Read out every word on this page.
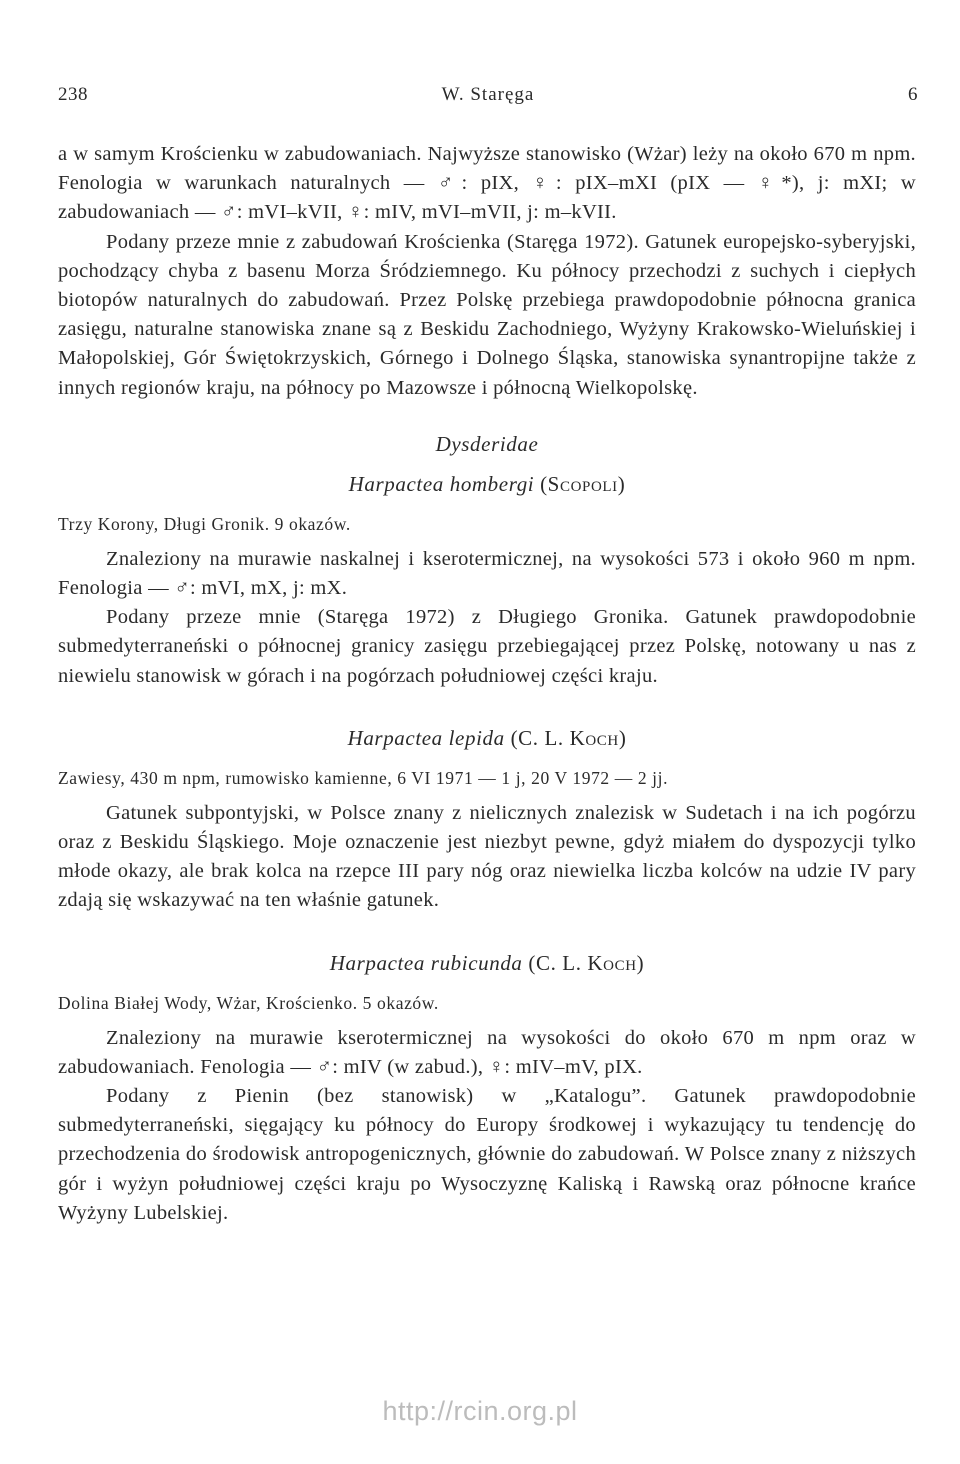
238	W. Staręga	6

a w samym Krościenku w zabudowaniach. Najwyższe stanowisko (Wżar) leży na około 670 m npm. Fenologia w warunkach naturalnych — ♂: pIX, ♀: pIX–mXI (pIX — ♀*), j: mXI; w zabudowaniach — ♂: mVI–kVII, ♀: mIV, mVI–mVII, j: m–kVII.

Podany przeze mnie z zabudowań Krościenka (Staręga 1972). Gatunek europejsko-syberyjski, pochodzący chyba z basenu Morza Śródziemnego. Ku północy przechodzi z suchych i ciepłych biotopów naturalnych do zabudowań. Przez Polskę przebiega prawdopodobnie północna granica zasięgu, naturalne stanowiska znane są z Beskidu Zachodniego, Wyżyny Krakowsko-Wieluńskiej i Małopolskiej, Gór Świętokrzyskich, Górnego i Dolnego Śląska, stanowiska synantropijne także z innych regionów kraju, na północy po Mazowsze i północną Wielkopolskę.

Dysderidae
Harpactea hombergi (Scopoli)
Trzy Korony, Długi Gronik. 9 okazów.

Znaleziony na murawie naskalnej i kserotermicznej, na wysokości 573 i około 960 m npm. Fenologia — ♂: mVI, mX, j: mX.

Podany przeze mnie (Staręga 1972) z Długiego Gronika. Gatunek prawdopodobnie submedyterraneński o północnej granicy zasięgu przebiegającej przez Polskę, notowany u nas z niewielu stanowisk w górach i na pogórzach południowej części kraju.

Harpactea lepida (C. L. Koch)
Zawiesy, 430 m npm, rumowisko kamienne, 6 VI 1971 — 1 j, 20 V 1972 — 2 jj.

Gatunek subpontyjski, w Polsce znany z nielicznych znalezisk w Sudetach i na ich pogórzu oraz z Beskidu Śląskiego. Moje oznaczenie jest niezbyt pewne, gdyż miałem do dyspozycji tylko młode okazy, ale brak kolca na rzepce III pary nóg oraz niewielka liczba kolców na udzie IV pary zdają się wskazywać na ten właśnie gatunek.

Harpactea rubicunda (C. L. Koch)
Dolina Białej Wody, Wżar, Krościenko. 5 okazów.

Znaleziony na murawie kserotermicznej na wysokości do około 670 m npm oraz w zabudowaniach. Fenologia — ♂: mIV (w zabud.), ♀: mIV–mV, pIX.

Podany z Pienin (bez stanowisk) w „Katalogu”. Gatunek prawdopodobnie submedyterraneński, sięgający ku północy do Europy środkowej i wykazujący tu tendencję do przechodzenia do środowisk antropogenicznych, głównie do zabudowań. W Polsce znany z niższych gór i wyżyn południowej części kraju po Wysoczyznę Kaliską i Rawską oraz północne krańce Wyżyny Lubelskiej.

http://rcin.org.pl
